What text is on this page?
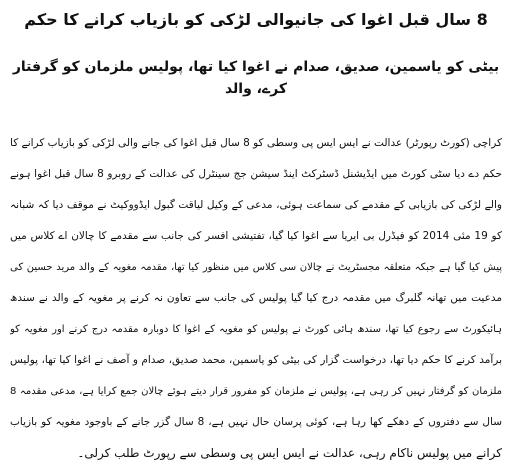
8 سال قبل اغوا کی جانیوالی لڑکی کو بازیاب کرانے کا حکم
بیٹی کو یاسمین، صدیق، صدام نے اغوا کیا تھا، پولیس ملزمان کو گرفتار کرے، والد
کراچی (کورٹ رپورٹر) عدالت نے ایس ایس پی وسطی کو 8 سال قبل اغوا کی جانے والی لڑکی کو بازیاب کرانے کا
حکم دے دیا سٹی کورٹ میں ایڈیشنل ڈسٹرکٹ اینڈ سیشن جج سینٹرل کی عدالت کے روبرو 8 سال قبل اغوا ہونے
والے لڑکی کی بازیابی کے مقدمے کی سماعت ہوئی، مدعی کے وکیل لیاقت گبول ایڈووکیٹ نے موقف دیا کہ شبانہ
کو 19 مئی 2014 کو فیڈرل بی ایریا سے اغوا کیا گیا، تفتیشی افسر کی جانب سے مقدمے کا چالان اے کلاس میں
پیش کیا گیا ہے جبکہ متعلقہ مجسٹریٹ نے چالان سی کلاس میں منظور کیا تھا، مقدمہ مغویہ کے والد مرید حسین کی
مدعیت میں تھانہ گلبرگ میں مقدمہ درج کیا گیا پولیس کی جانب سے تعاون نہ کرنے پر مغویہ کے والد نے سندھ
ہائیکورٹ سے رجوع کیا تھا، سندھ ہائی کورٹ نے پولیس کو مغویہ کے اغوا کا دوبارہ مقدمہ درج کرنے اور مغویہ کو
برآمد کرنے کا حکم دیا تھا، درخواست گزار کی بیٹی کو یاسمین، محمد صدیق، صدام و آصف نے اغوا کیا تھا، پولیس
ملزمان کو گرفتار نہیں کر رہی ہے، پولیس نے ملزمان کو مفرور قرار دیتے ہوئے چالان جمع کرایا ہے، مدعی مقدمہ 8
سال سے دفتروں کے دھکے کھا رہا ہے، کوئی پرسان حال نہیں ہے، 8 سال گزر جانے کے باوجود مغویہ کو بازیاب
کرانے میں پولیس ناکام رہی، عدالت نے ایس ایس پی وسطی سے رپورٹ طلب کرلی۔
